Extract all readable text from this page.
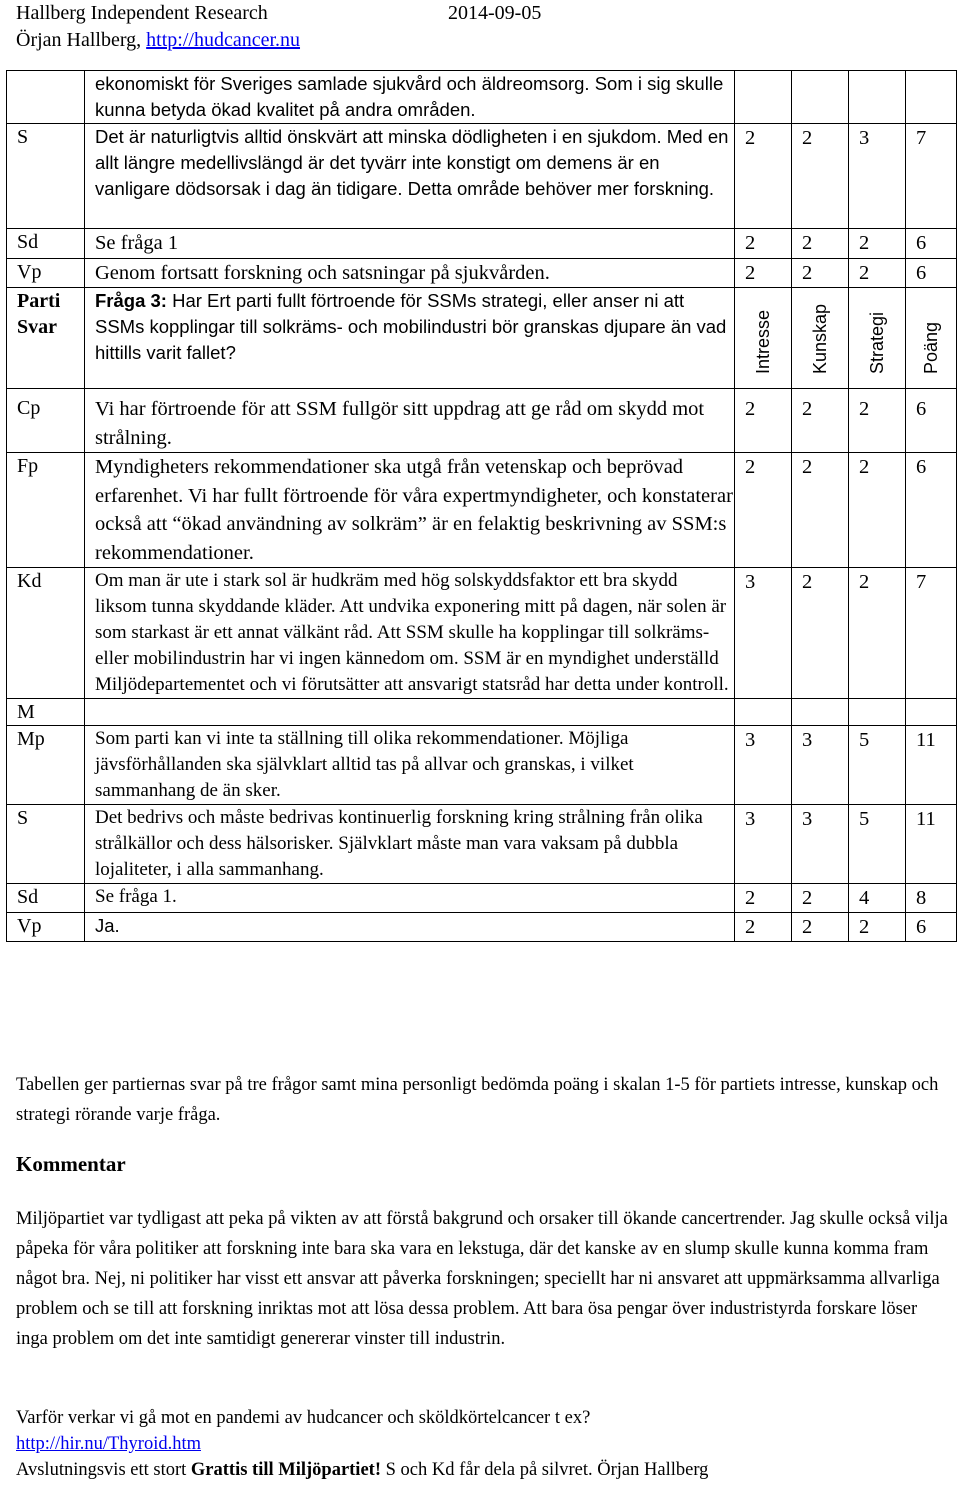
Hallberg Independent Research	2014-09-05
Örjan Hallberg, http://hudcancer.nu
	ekonomiskt för Sveriges samlade sjukvård och äldreomsorg. Som i sig skulle kunna betyda ökad kvalitet på andra områden.				
S	Det är naturligtvis alltid önskvärt att minska dödligheten i en sjukdom. Med en allt längre medellivslängd är det tyvärr inte konstigt om demens är en vanligare dödsorsak i dag än tidigare. Detta område behöver mer forskning.	2	2	3	7
Sd	Se fråga 1	2	2	2	6
Vp	Genom fortsatt forskning och satsningar på sjukvården.	2	2	2	6

Parti
Svar	Fråga 3: Har Ert parti fullt förtroende för SSMs strategi, eller anser ni att SSMs kopplingar till solkräms- och mobilindustri bör granskas djupare än vad hittills varit fallet?	Intresse	Kunskap	Strategi	Poäng

Cp	Vi har förtroende för att SSM fullgör sitt uppdrag att ge råd om skydd mot strålning.	2	2	2	6
Fp	Myndigheters rekommendationer ska utgå från vetenskap och beprövad erfarenhet. Vi har fullt förtroende för våra expertmyndigheter, och konstaterar också att “ökad användning av solkräm” är en felaktig beskrivning av SSM:s rekommendationer.	2	2	2	6
Kd	Om man är ute i stark sol är hudkräm med hög solskyddsfaktor ett bra skydd liksom tunna skyddande kläder. Att undvika exponering mitt på dagen, när solen är som starkast är ett annat välkänt råd. Att SSM skulle ha kopplingar till solkräms- eller mobilindustrin har vi ingen kännedom om. SSM är en myndighet underställd Miljödepartementet och vi förutsätter att ansvarigt statsråd har detta under kontroll.	3	2	2	7
M					
Mp	Som parti kan vi inte ta ställning till olika rekommendationer. Möjliga jävsförhållanden ska självklart alltid tas på allvar och granskas, i vilket sammanhang de än sker.	3	3	5	11
S	Det bedrivs och måste bedrivas kontinuerlig forskning kring strålning från olika strålkällor och dess hälsorisker. Självklart måste man vara vaksam på dubbla lojaliteter, i alla sammanhang.	3	3	5	11
Sd	Se fråga 1.	2	2	4	8
Vp	Ja.	2	2	2	6

Tabellen ger partiernas svar på tre frågor samt mina personligt bedömda poäng i skalan 1-5 för partiets intresse, kunskap och strategi rörande varje fråga.

Kommentar

Miljöpartiet var tydligast att peka på vikten av att förstå bakgrund och orsaker till ökande cancertrender. Jag skulle också vilja påpeka för våra politiker att forskning inte bara ska vara en lekstuga, där det kanske av en slump skulle kunna komma fram något bra. Nej, ni politiker har visst ett ansvar att påverka forskningen; speciellt har ni ansvaret att uppmärksamma allvarliga problem och se till att forskning inriktas mot att lösa dessa problem. Att bara ösa pengar över industristyrda forskare löser inga problem om det inte samtidigt genererar vinster till industrin.

Varför verkar vi gå mot en pandemi av hudcancer och sköldkörtelcancer t ex?

http://hir.nu/Thyroid.htm

Avslutningsvis ett stort Grattis till Miljöpartiet! S och Kd får dela på silvret. Örjan Hallberg
